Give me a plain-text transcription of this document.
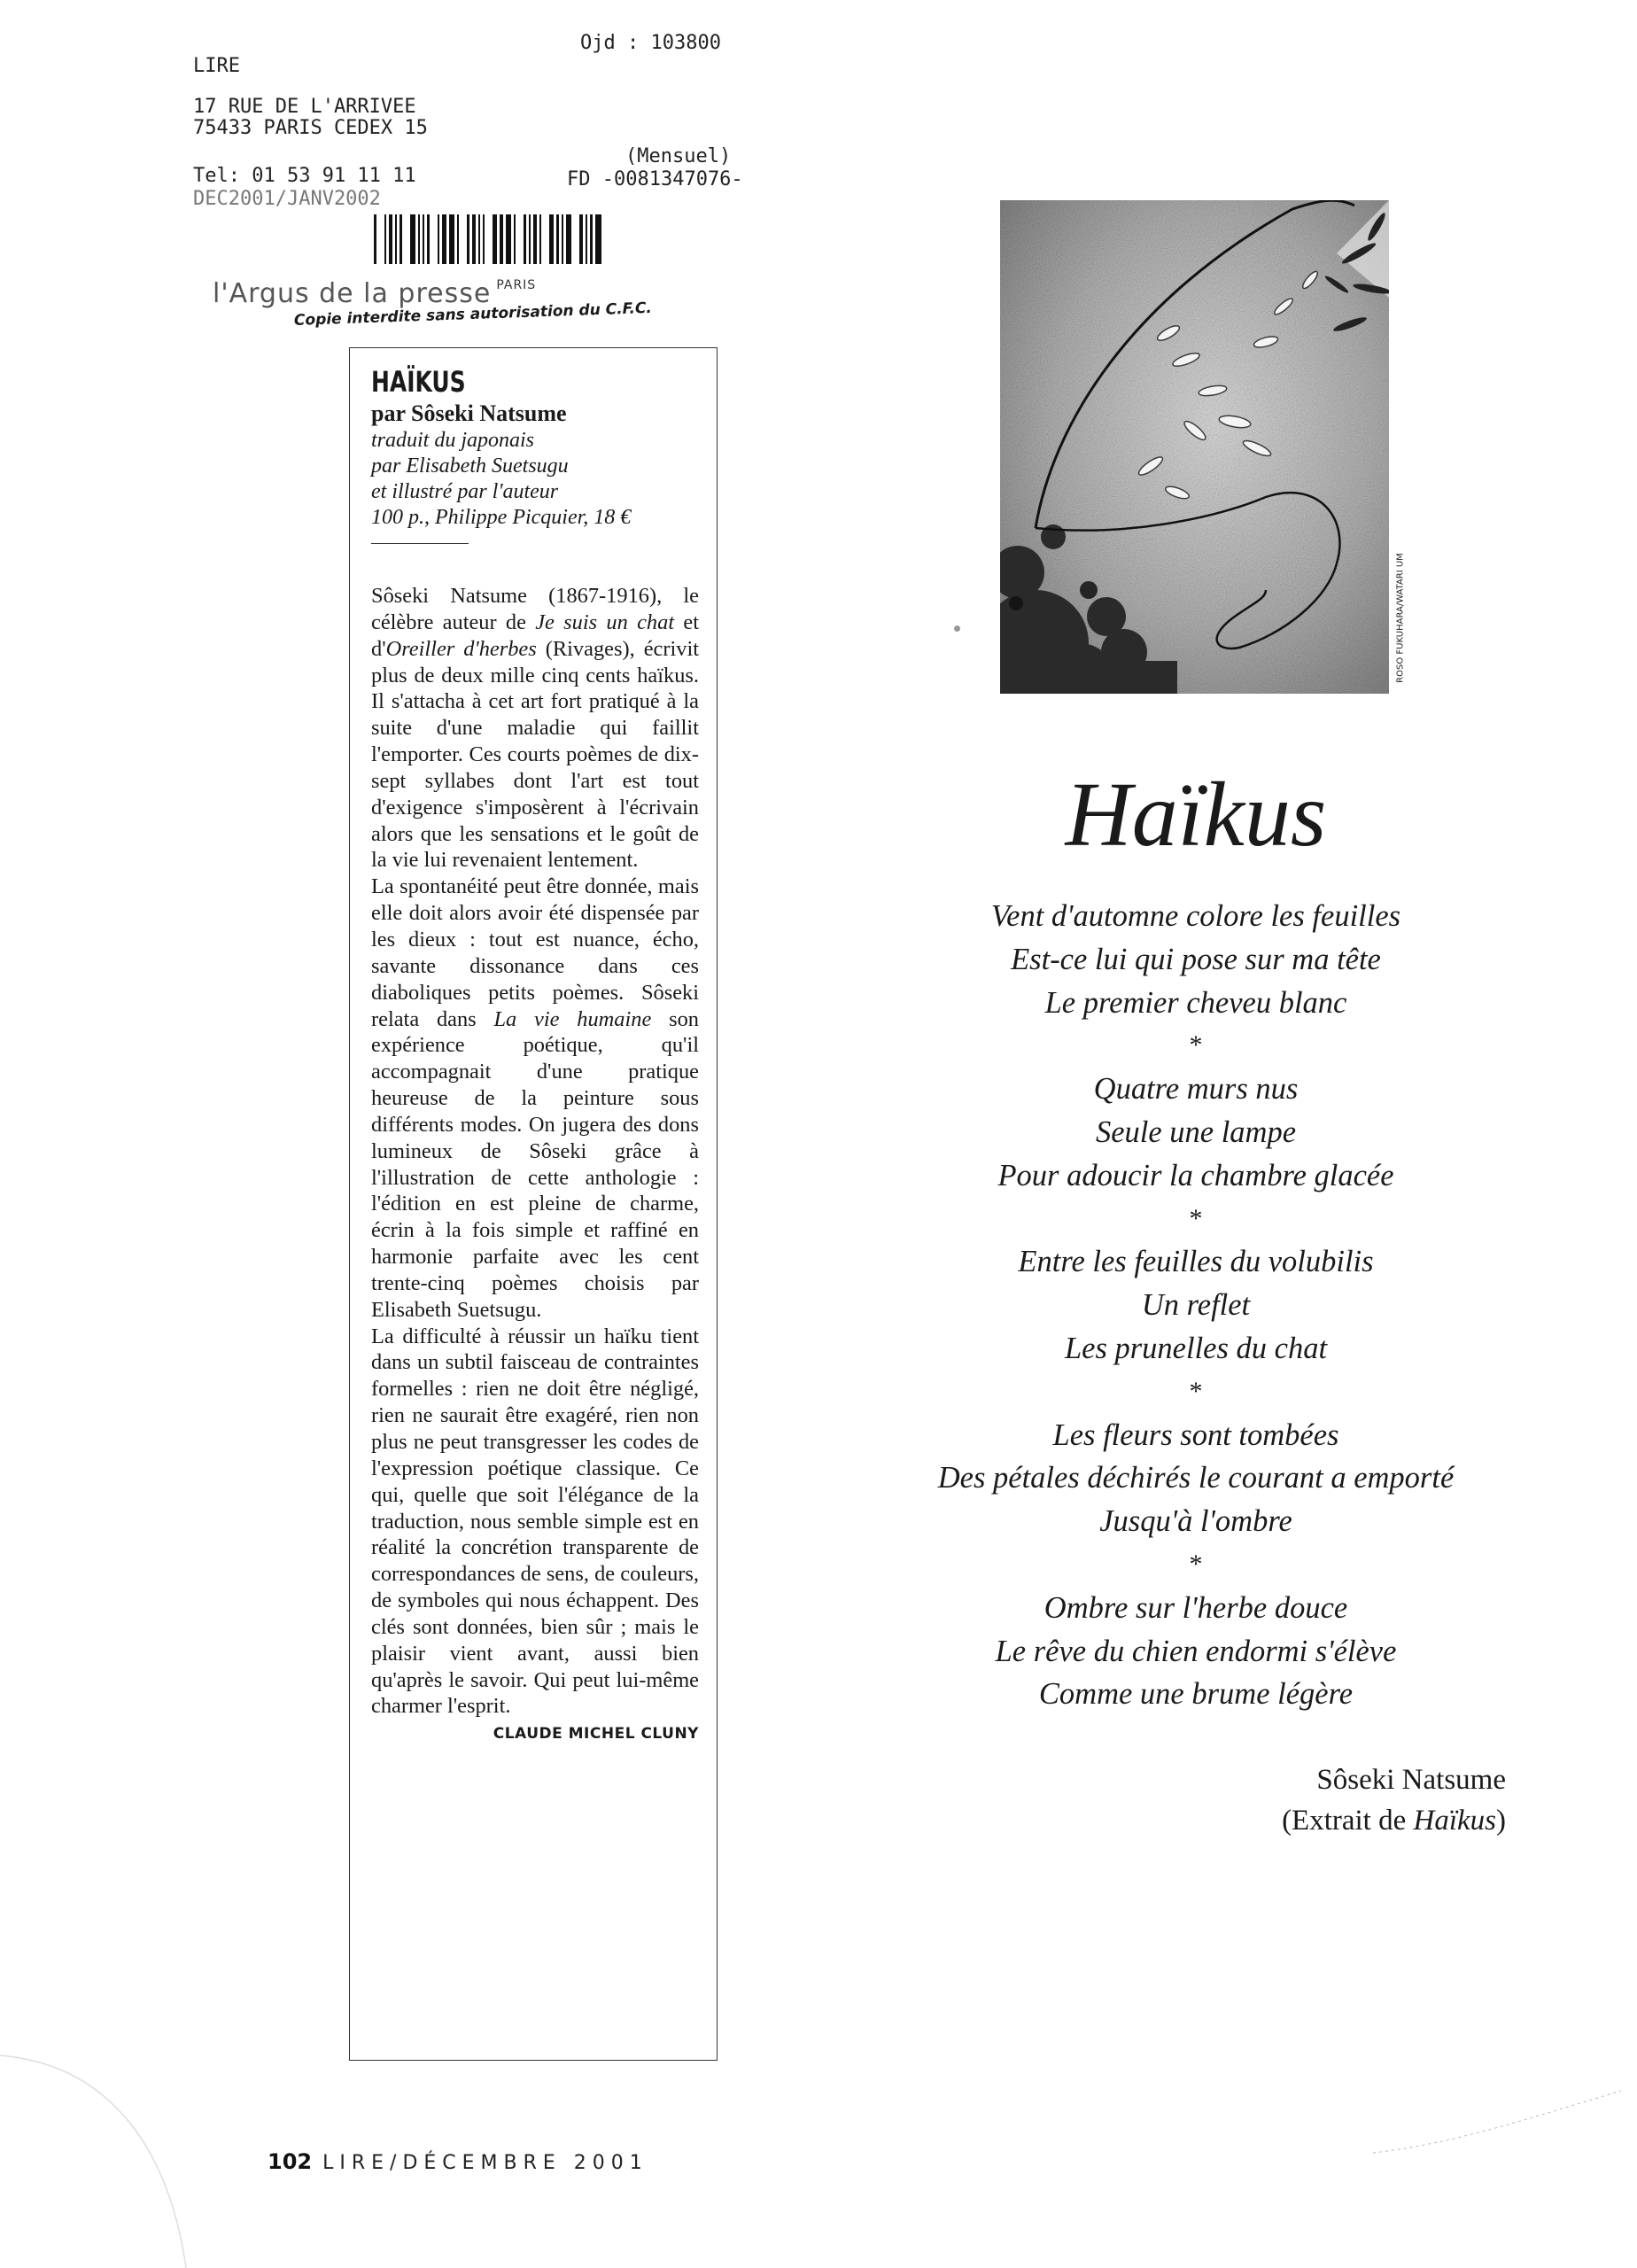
LIRE
Ojd : 103800
17 RUE DE L'ARRIVEE
75433 PARIS CEDEX 15
Tel: 01 53 91 11 11
DEC2001/JANV2002
(Mensuel)
FD -0081347076-
l'Argus de la presse $^{PARIS}$
Copie interdite sans autorisation du C.F.C.
HAÏKUS
par Sôseki Natsume
traduit du japonais
par Elisabeth Suetsugu
et illustré par l'auteur
100 p., Philippe Picquier, 18 €

Sôseki Natsume (1867-1916), le célèbre auteur de Je suis un chat et d'Oreiller d'herbes (Rivages), écrivit plus de deux mille cinq cents haïkus. Il s'attacha à cet art fort pratiqué à la suite d'une maladie qui faillit l'emporter. Ces courts poèmes de dix-sept syllabes dont l'art est tout d'exigence s'imposèrent à l'écrivain alors que les sensations et le goût de la vie lui revenaient lentement.

La spontanéité peut être donnée, mais elle doit alors avoir été dispensée par les dieux : tout est nuance, écho, savante dissonance dans ces diaboliques petits poèmes. Sôseki relata dans La vie humaine son expérience poétique, qu'il accompagnait d'une pratique heureuse de la peinture sous différents modes. On jugera des dons lumineux de Sôseki grâce à l'illustration de cette anthologie : l'édition en est pleine de charme, écrin à la fois simple et raffiné en harmonie parfaite avec les cent trente-cinq poèmes choisis par Elisabeth Suetsugu.

La difficulté à réussir un haïku tient dans un subtil faisceau de contraintes formelles : rien ne doit être négligé, rien ne saurait être exagéré, rien non plus ne peut transgresser les codes de l'expression poétique classique. Ce qui, quelle que soit l'élégance de la traduction, nous semble simple est en réalité la concrétion transparente de correspondances de sens, de couleurs, de symboles qui nous échappent. Des clés sont données, bien sûr ; mais le plaisir vient avant, aussi bien qu'après le savoir. Qui peut lui-même charmer l'esprit.

CLAUDE MICHEL CLUNY
ROSO FUKUHARA/WATARI UM
Haïkus
Vent d'automne colore les feuilles
Est-ce lui qui pose sur ma tête
Le premier cheveu blanc
*
Quatre murs nus
Seule une lampe
Pour adoucir la chambre glacée
*
Entre les feuilles du volubilis
Un reflet
Les prunelles du chat
*
Les fleurs sont tombées
Des pétales déchirés le courant a emporté
Jusqu'à l'ombre
*
Ombre sur l'herbe douce
Le rêve du chien endormi s'élève
Comme une brume légère
Sôseki Natsume
(Extrait de Haïkus)
102 LIRE/DÉCEMBRE 2001
